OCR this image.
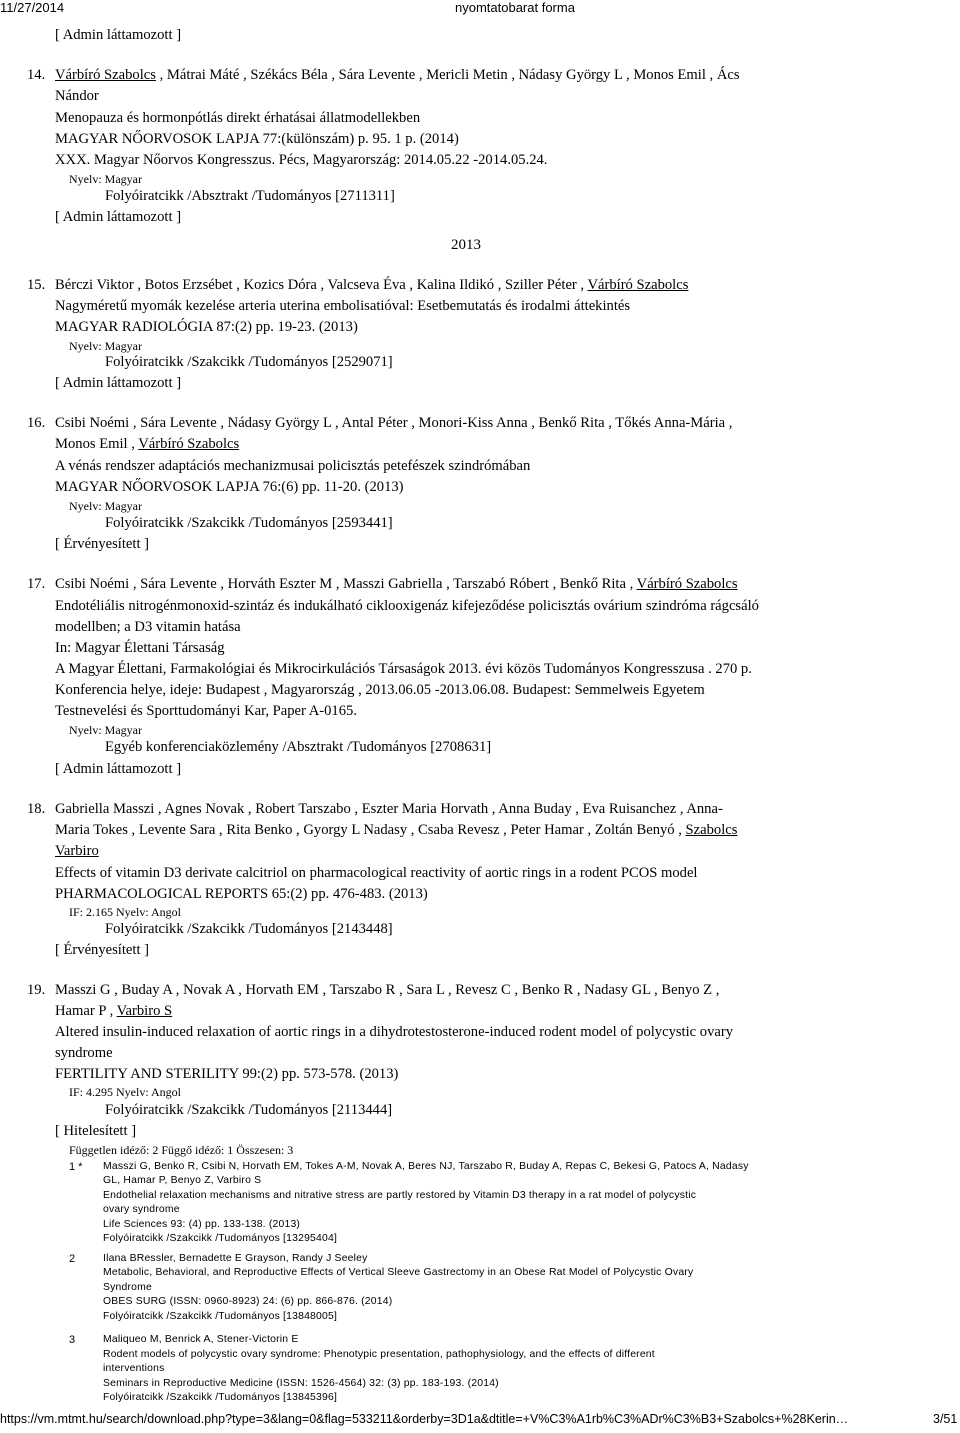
11/27/2014	nyomtatobarat forma
[ Admin láttamozott ]
14. Várbíró Szabolcs , Mátrai Máté , Székács Béla , Sára Levente , Mericli Metin , Nádasy György L , Monos Emil , Ács
Nándor
Menopauza és hormonpótlás direkt érhatásai állatmodellekben
MAGYAR NŐORVOSOK LAPJA 77:(különszám) p. 95. 1 p. (2014)
XXX. Magyar Nőorvos Kongresszus. Pécs, Magyarország: 2014.05.22 -2014.05.24.
Nyelv: Magyar
Folyóiratcikk /Absztrakt /Tudományos [2711311]
[ Admin láttamozott ]
2013
15. Bérczi Viktor , Botos Erzsébet , Kozics Dóra , Valcseva Éva , Kalina Ildikó , Sziller Péter , Várbíró Szabolcs
Nagyméretű myomák kezelése arteria uterina embolisatióval: Esetbemutatás és irodalmi áttekintés
MAGYAR RADIOLÓGIA 87:(2) pp. 19-23. (2013)
Nyelv: Magyar
Folyóiratcikk /Szakcikk /Tudományos [2529071]
[ Admin láttamozott ]
16. Csibi Noémi , Sára Levente , Nádasy György L , Antal Péter , Monori-Kiss Anna , Benkő Rita , Tőkés Anna-Mária ,
Monos Emil , Várbíró Szabolcs
A vénás rendszer adaptációs mechanizmusai policisztás petefészek szindrómában
MAGYAR NŐORVOSOK LAPJA 76:(6) pp. 11-20. (2013)
Nyelv: Magyar
Folyóiratcikk /Szakcikk /Tudományos [2593441]
[ Érvényesített ]
17. Csibi Noémi , Sára Levente , Horváth Eszter M , Masszi Gabriella , Tarszabó Róbert , Benkő Rita , Várbíró Szabolcs
Endotéliális nitrogénmonoxid-szintáz és indukálható ciklooxigenáz kifejeződése policisztás ovárium szindróma rágcsáló
modellben; a D3 vitamin hatása
In: Magyar Élettani Társaság
A Magyar Élettani, Farmakológiai és Mikrocirkulációs Társaságok 2013. évi közös Tudományos Kongresszusa . 270 p.
Konferencia helye, ideje: Budapest , Magyarország , 2013.06.05 -2013.06.08. Budapest: Semmelweis Egyetem
Testnevelési és Sporttudományi Kar, Paper A-0165.
Nyelv: Magyar
Egyéb konferenciaközlemény /Absztrakt /Tudományos [2708631]
[ Admin láttamozott ]
18. Gabriella Masszi , Agnes Novak , Robert Tarszabo , Eszter Maria Horvath , Anna Buday , Eva Ruisanchez , Anna-
Maria Tokes , Levente Sara , Rita Benko , Gyorgy L Nadasy , Csaba Revesz , Peter Hamar , Zoltán Benyó , Szabolcs
Varbiro
Effects of vitamin D3 derivate calcitriol on pharmacological reactivity of aortic rings in a rodent PCOS model
PHARMACOLOGICAL REPORTS 65:(2) pp. 476-483. (2013)
IF: 2.165 Nyelv: Angol
Folyóiratcikk /Szakcikk /Tudományos [2143448]
[ Érvényesített ]
19. Masszi G , Buday A , Novak A , Horvath EM , Tarszabo R , Sara L , Revesz C , Benko R , Nadasy GL , Benyo Z ,
Hamar P , Varbiro S
Altered insulin-induced relaxation of aortic rings in a dihydrotestosterone-induced rodent model of polycystic ovary
syndrome
FERTILITY AND STERILITY 99:(2) pp. 573-578. (2013)
IF: 4.295 Nyelv: Angol
Folyóiratcikk /Szakcikk /Tudományos [2113444]
[ Hitelesített ]
Független idéző: 2 Függő idéző: 1 Összesen: 3
1 * Masszi G, Benko R, Csibi N, Horvath EM, Tokes A-M, Novak A, Beres NJ, Tarszabo R, Buday A, Repas C, Bekesi G, Patocs A, Nadasy
GL, Hamar P, Benyo Z, Varbiro S
Endothelial relaxation mechanisms and nitrative stress are partly restored by Vitamin D3 therapy in a rat model of polycystic
ovary syndrome
Life Sciences 93: (4) pp. 133-138. (2013)
Folyóiratcikk /Szakcikk /Tudományos [13295404]
2	Ilana BRessler, Bernadette E Grayson, Randy J Seeley
Metabolic, Behavioral, and Reproductive Effects of Vertical Sleeve Gastrectomy in an Obese Rat Model of Polycystic Ovary
Syndrome
OBES SURG (ISSN: 0960-8923) 24: (6) pp. 866-876. (2014)
Folyóiratcikk /Szakcikk /Tudományos [13848005]
3	Maliqueo M, Benrick A, Stener-Victorin E
Rodent models of polycystic ovary syndrome: Phenotypic presentation, pathophysiology, and the effects of different
interventions
Seminars in Reproductive Medicine (ISSN: 1526-4564) 32: (3) pp. 183-193. (2014)
Folyóiratcikk /Szakcikk /Tudományos [13845396]
https://vm.mtmt.hu/search/download.php?type=3&lang=0&flag=533211&orderby=3D1a&dtitle=+V%C3%A1rb%C3%ADr%C3%B3+Szabolcs+%28Kerin…	3/51
